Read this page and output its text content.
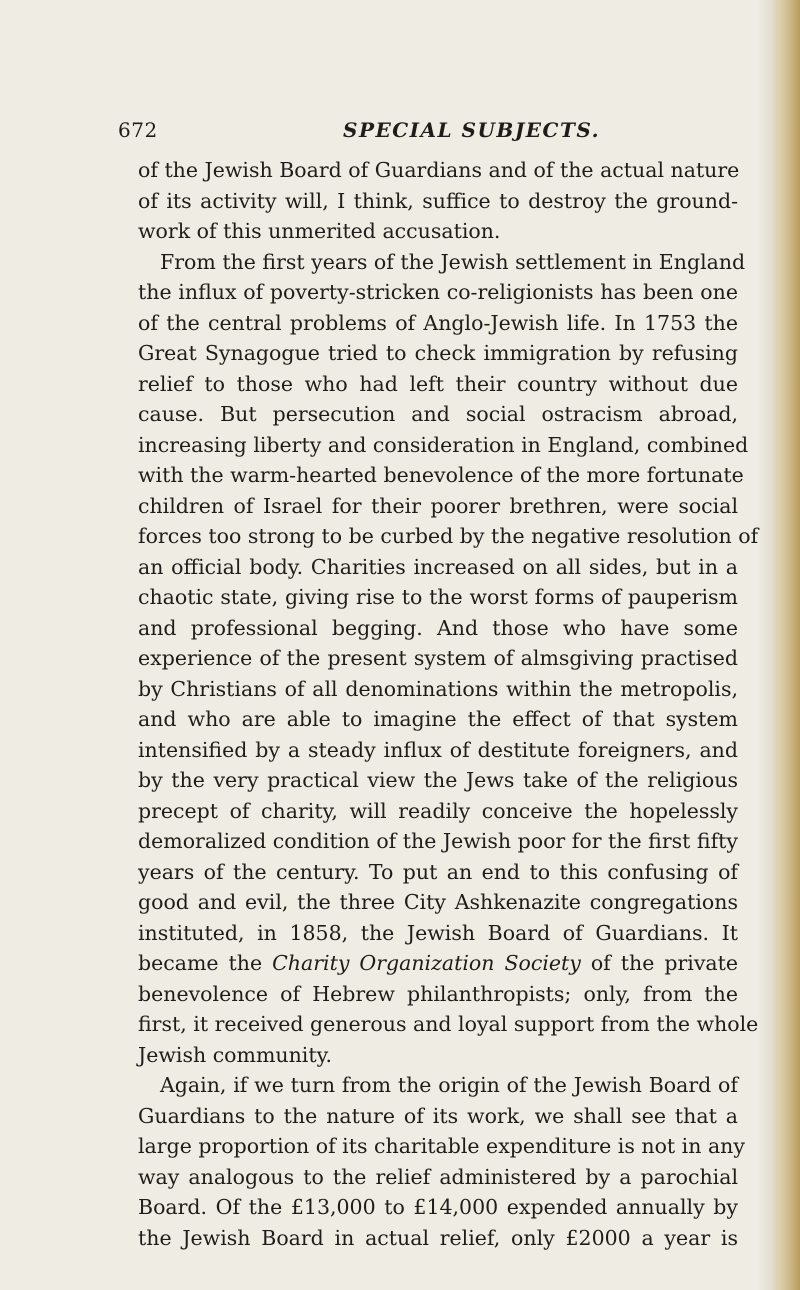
672	SPECIAL SUBJECTS.
of the Jewish Board of Guardians and of the actual nature
of its activity will, I think, suffice to destroy the ground-
work of this unmerited accusation.
From the first years of the Jewish settlement in England
the influx of poverty-stricken co-religionists has been one
of the central problems of Anglo-Jewish life. In 1753 the
Great Synagogue tried to check immigration by refusing
relief to those who had left their country without due
cause. But persecution and social ostracism abroad,
increasing liberty and consideration in England, combined
with the warm-hearted benevolence of the more fortunate
children of Israel for their poorer brethren, were social
forces too strong to be curbed by the negative resolution of
an official body. Charities increased on all sides, but in a
chaotic state, giving rise to the worst forms of pauperism
and professional begging. And those who have some
experience of the present system of almsgiving practised
by Christians of all denominations within the metropolis,
and who are able to imagine the effect of that system
intensified by a steady influx of destitute foreigners, and
by the very practical view the Jews take of the religious
precept of charity, will readily conceive the hopelessly
demoralized condition of the Jewish poor for the first fifty
years of the century. To put an end to this confusing of
good and evil, the three City Ashkenazite congregations
instituted, in 1858, the Jewish Board of Guardians. It
became the Charity Organization Society of the private
benevolence of Hebrew philanthropists; only, from the
first, it received generous and loyal support from the whole
Jewish community.
Again, if we turn from the origin of the Jewish Board of
Guardians to the nature of its work, we shall see that a
large proportion of its charitable expenditure is not in any
way analogous to the relief administered by a parochial
Board. Of the £13,000 to £14,000 expended annually by
the Jewish Board in actual relief, only £2000 a year is
